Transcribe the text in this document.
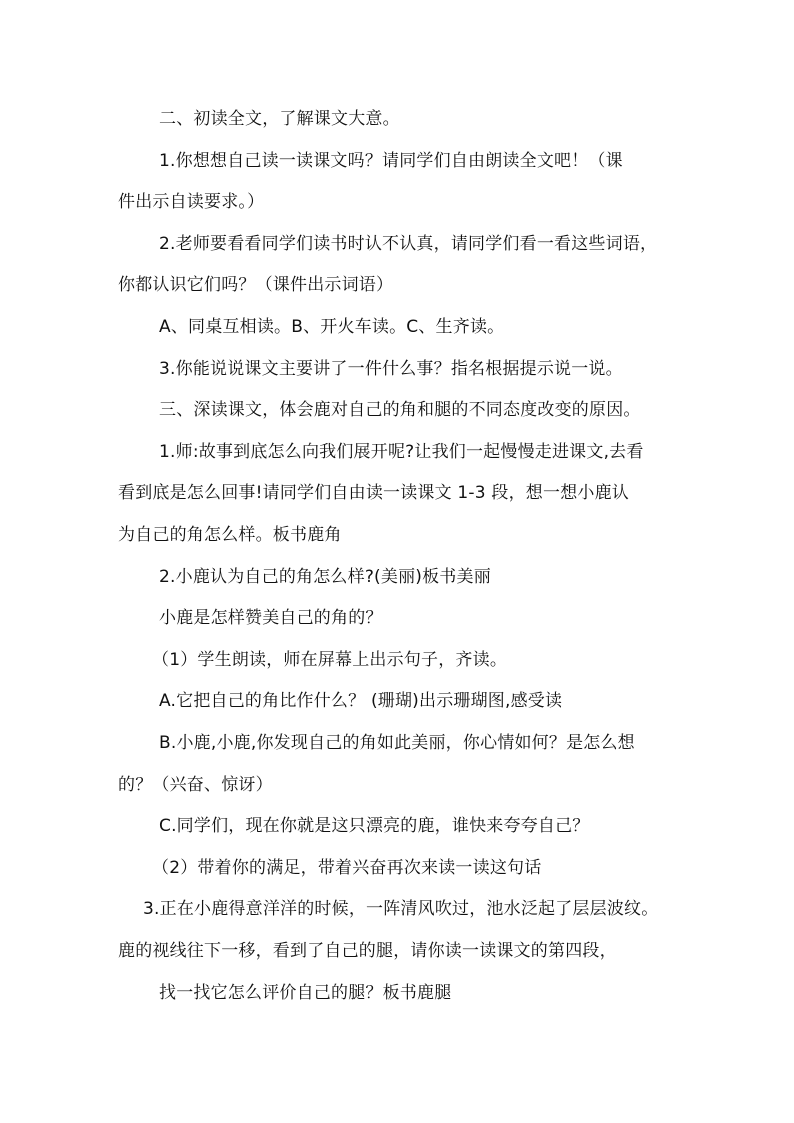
二、初读全文，了解课文大意。
1.你想想自己读一读课文吗？请同学们自由朗读全文吧！（课
件出示自读要求。）
2.老师要看看同学们读书时认不认真，请同学们看一看这些词语，
你都认识它们吗？（课件出示词语）
A、同桌互相读。B、开火车读。C、生齐读。
3.你能说说课文主要讲了一件什么事？指名根据提示说一说。
三、深读课文，体会鹿对自己的角和腿的不同态度改变的原因。
1.师:故事到底怎么向我们展开呢?让我们一起慢慢走进课文,去看
看到底是怎么回事!请同学们自由读一读课文 1-3 段，想一想小鹿认
为自己的角怎么样。板书鹿角
2.小鹿认为自己的角怎么样?(美丽)板书美丽
小鹿是怎样赞美自己的角的？
（1）学生朗读，师在屏幕上出示句子，齐读。
A.它把自己的角比作什么？ (珊瑚)出示珊瑚图,感受读
B.小鹿,小鹿,你发现自己的角如此美丽，你心情如何？是怎么想
的？（兴奋、惊讶）
C.同学们，现在你就是这只漂亮的鹿，谁快来夸夸自己？
（2）带着你的满足，带着兴奋再次来读一读这句话
3.正在小鹿得意洋洋的时候，一阵清风吹过，池水泛起了层层波纹。
鹿的视线往下一移，看到了自己的腿，请你读一读课文的第四段，
找一找它怎么评价自己的腿？板书鹿腿
